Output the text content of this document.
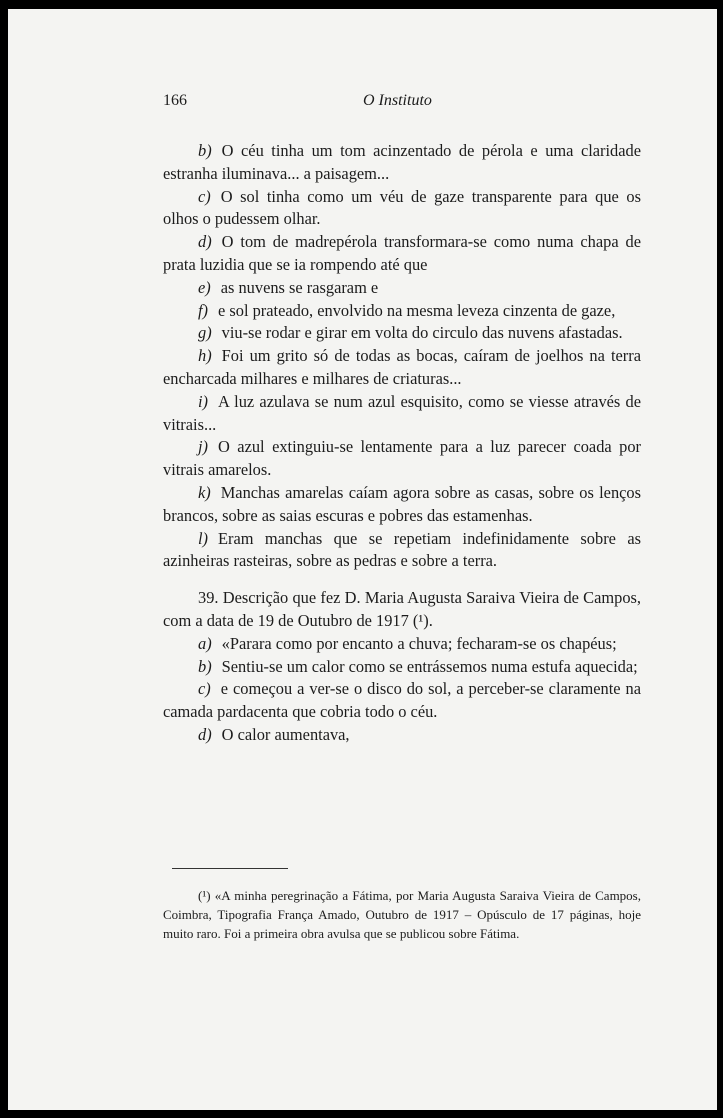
166	O Instituto

b) O céu tinha um tom acinzentado de pérola e uma claridade estranha iluminava... a paisagem...

c) O sol tinha como um véu de gaze transparente para que os olhos o pudessem olhar.

d) O tom de madrepérola transformara-se como numa chapa de prata luzidia que se ia rompendo até que

e) as nuvens se rasgaram e

f) e sol prateado, envolvido na mesma leveza cinzenta de gaze,

g) viu-se rodar e girar em volta do circulo das nuvens afastadas.

h) Foi um grito só de todas as bocas, caíram de joelhos na terra encharcada milhares e milhares de criaturas...

i) A luz azulava se num azul esquisito, como se viesse através de vitrais...

j) O azul extinguiu-se lentamente para a luz parecer coada por vitrais amarelos.

k) Manchas amarelas caíam agora sobre as casas, sobre os lenços brancos, sobre as saias escuras e pobres das estamenhas.

l) Eram manchas que se repetiam indefinidamente sobre as azinheiras rasteiras, sobre as pedras e sobre a terra.

39. Descrição que fez D. Maria Augusta Saraiva Vieira de Campos, com a data de 19 de Outubro de 1917 (¹).

a) «Parara como por encanto a chuva; fecharam-se os chapéus;

b) Sentiu-se um calor como se entrássemos numa estufa aquecida;

c) e começou a ver-se o disco do sol, a perceber-se claramente na camada pardacenta que cobria todo o céu.

d) O calor aumentava,

(¹) «A minha peregrinação a Fátima, por Maria Augusta Saraiva Vieira de Campos, Coimbra, Tipografia França Amado, Outubro de 1917 – Opúsculo de 17 páginas, hoje muito raro. Foi a primeira obra avulsa que se publicou sobre Fátima.
